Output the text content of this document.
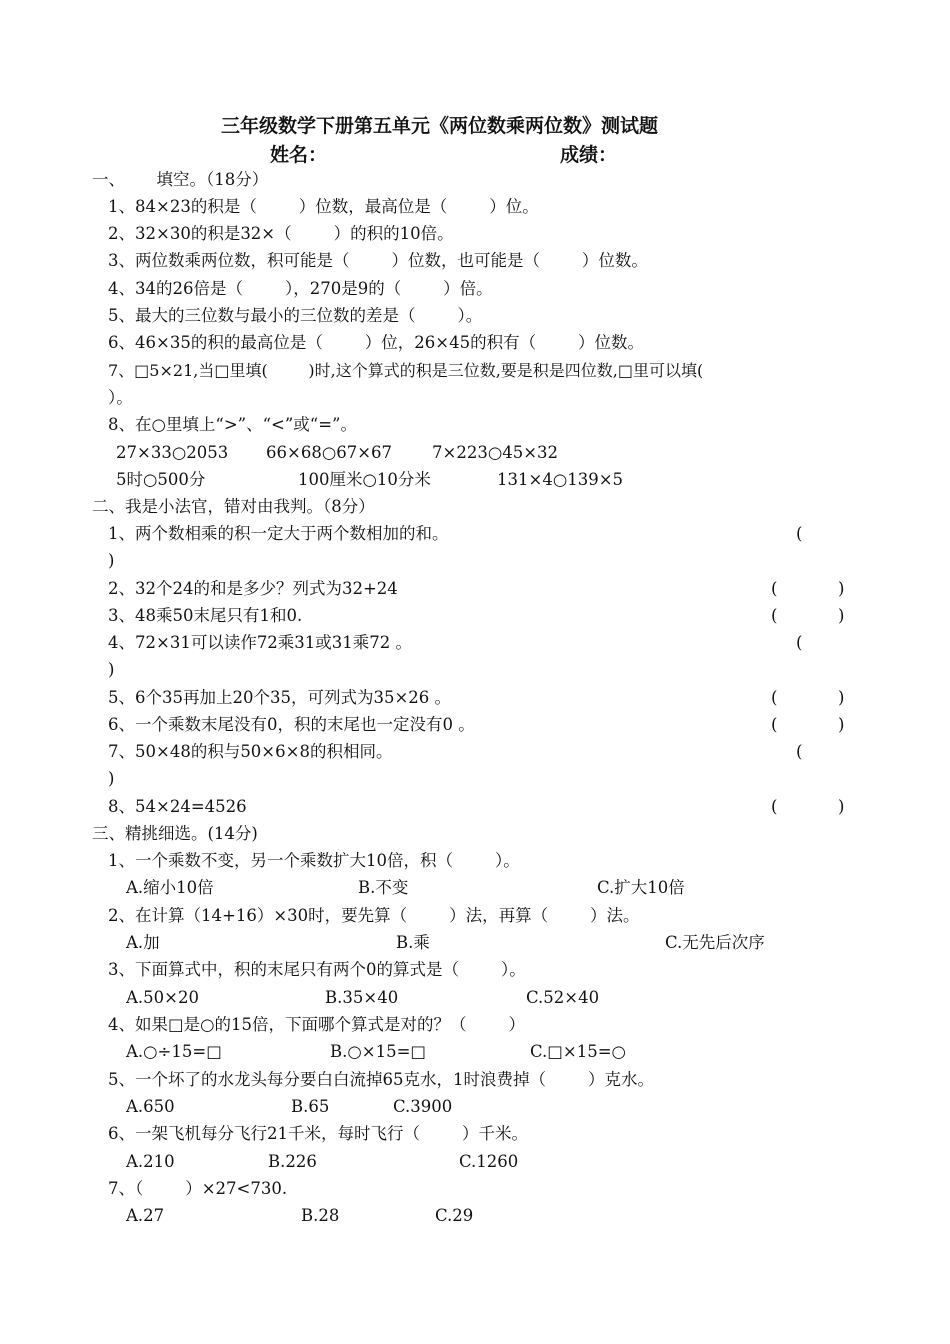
三年级数学下册第五单元《两位数乘两位数》测试题
姓名：	成绩：
一、      填空。（18分）
1、84×23的积是（        ）位数，最高位是（        ）位。
2、32×30的积是32×（        ）的积的10倍。
3、两位数乘两位数，积可能是（        ）位数，也可能是（        ）位数。
4、34的26倍是（        ），270是9的（        ）倍。
5、最大的三位数与最小的三位数的差是（        ）。
6、46×35的积的最高位是（        ）位，26×45的积有（        ）位数。
7、□5×21,当□里填(        )时,这个算式的积是三位数,要是积是四位数,□里可以填(
）。
8、在○里填上“>”、“<”或“=”。
27×33○2053 66×68○67×67 7×223○45×32
5时○500分	100厘米○10分米	131×4○139×5
二、我是小法官，错对由我判。（8分）
1、两个数相乘的积一定大于两个数相加的和。	(
)
2、32个24的和是多少？列式为32+24	(	)
3、48乘50末尾只有1和0.	(	)
4、72×31可以读作72乘31或31乘72 。	(
)
5、6个35再加上20个35，可列式为35×26 。	(	)
6、一个乘数末尾没有0，积的末尾也一定没有0 。	(	)
7、50×48的积与50×6×8的积相同。	(
)
8、54×24=4526	(	)
三、精挑细选。(14分)
1、一个乘数不变，另一个乘数扩大10倍，积（        ）。
A.缩小10倍	B.不变	C.扩大10倍
2、在计算（14+16）×30时，要先算（        ）法，再算（        ）法。
A.加	B.乘	C.无先后次序
3、下面算式中，积的末尾只有两个0的算式是（        ）。
A.50×20	B.35×40	C.52×40
4、如果□是○的15倍，下面哪个算式是对的？（        ）
A.○÷15=□	B.○×15=□	C.□×15=○
5、一个坏了的水龙头每分要白白流掉65克水，1时浪费掉（        ）克水。
A.650	B.65	C.3900
6、一架飞机每分飞行21千米，每时飞行（        ）千米。
A.210	B.226	C.1260
7、（        ）×27<730.
A.27	B.28	C.29
